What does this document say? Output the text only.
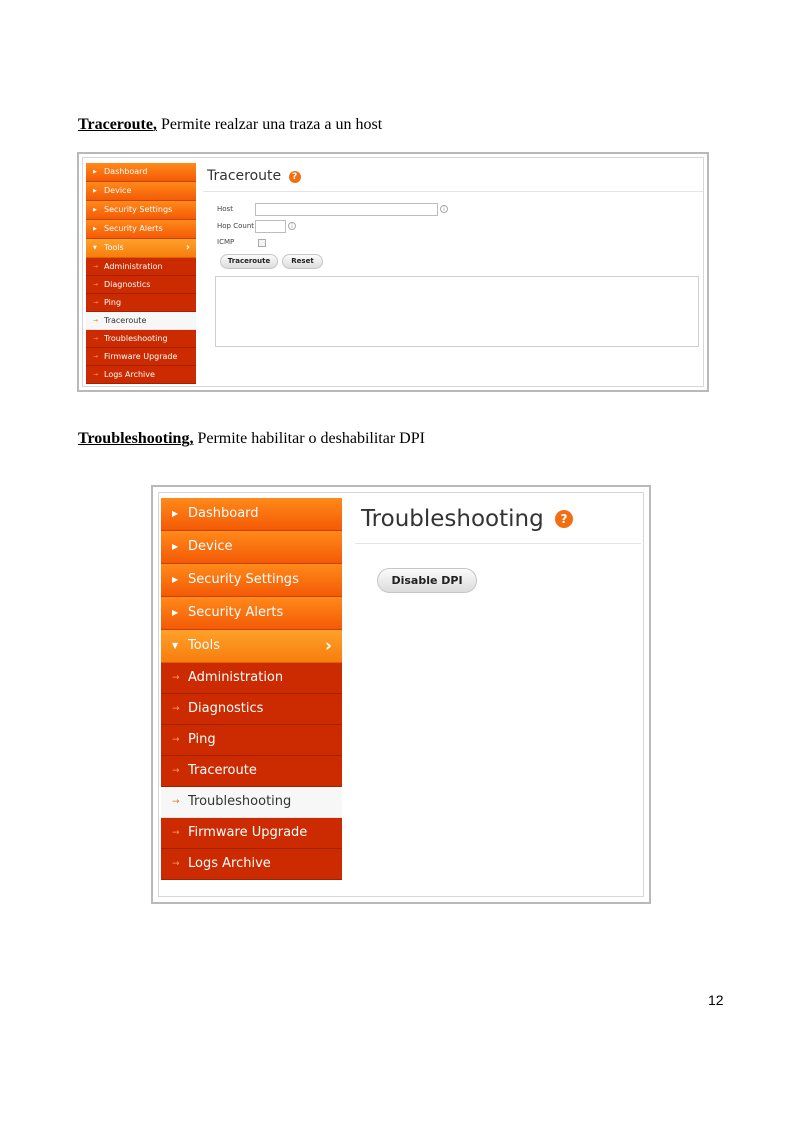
Traceroute, Permite realzar una traza a un host
▶ Dashboard
▶ Device
▶ Security Settings
▶ Security Alerts
▼ Tools	›
→ Administration
→ Diagnostics
→ Ping
→ Traceroute
→ Troubleshooting
→ Firmware Upgrade
→ Logs Archive
Traceroute ?
Host	i
Hop Count	i
ICMP
Traceroute	Reset
Troubleshooting, Permite habilitar o deshabilitar DPI
▶ Dashboard
▶ Device
▶ Security Settings
▶ Security Alerts
▼ Tools	›
→ Administration
→ Diagnostics
→ Ping
→ Traceroute
→ Troubleshooting
→ Firmware Upgrade
→ Logs Archive
Troubleshooting ?
Disable DPI
12
